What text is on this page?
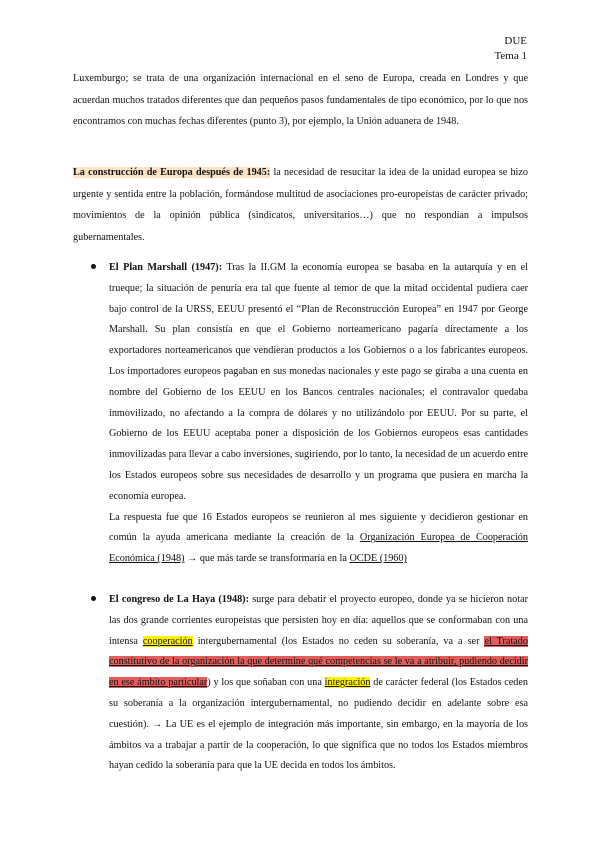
DUE
Tema 1

Luxemburgo; se trata de una organización internacional en el seno de Europa, creada en Londres y que acuerdan muchos tratados diferentes que dan pequeños pasos fundamentales de tipo económico, por lo que nos encontramos con muchas fechas diferentes (punto 3), por ejemplo, la Unión aduanera de 1948.

La construcción de Europa después de 1945: la necesidad de resucitar la idea de la unidad europea se hizo urgente y sentida entre la población, formándose multitud de asociaciones pro-europeístas de carácter privado; movimientos de la opinión pública (sindicatos, universitarios…) que no respondían a impulsos gubernamentales.

El Plan Marshall (1947): Tras la II.GM la economía europea se basaba en la autarquía y en el trueque; la situación de penuria era tal que fuente al temor de que la mitad occidental pudiera caer bajo control de la URSS, EEUU presentó el “Plan de Reconstrucción Europea” en 1947 por George Marshall. Su plan consistía en que el Gobierno norteamericano pagaría directamente a los exportadores norteamericanos que vendieran productos a los Gobiernos o a los fabricantes europeos. Los importadores europeos pagaban en sus monedas nacionales y este pago se giraba a una cuenta en nombre del Gobierno de los EEUU en los Bancos centrales nacionales; el contravalor quedaba inmovilizado, no afectando a la compra de dólares y no utilizándolo por EEUU. Por su parte, el Gobierno de los EEUU aceptaba poner a disposición de los Gobiernos europeos esas cantidades inmovilizadas para llevar a cabo inversiones, sugiriendo, por lo tanto, la necesidad de un acuerdo entre los Estados europeos sobre sus necesidades de desarrollo y un programa que pusiera en marcha la economía europea.
La respuesta fue que 16 Estados europeos se reunieron al mes siguiente y decidieron gestionar en común la ayuda americana mediante la creación de la Organización Europea de Cooperación Económica (1948) → que más tarde se transformaría en la OCDE (1960)
El congreso de La Haya (1948): surge para debatir el proyecto europeo, donde ya se hicieron notar las dos grande corrientes europeístas que persisten hoy en día: aquellos que se conformaban con una intensa cooperación intergubernamental (los Estados no ceden su soberanía, va a ser el Tratado constitutivo de la organización la que determine qué competencias se le va a atribuir, pudiendo decidir en ese ámbito particular) y los que soñaban con una integración de carácter federal (los Estados ceden su soberanía a la organización intergubernamental, no pudiendo decidir en adelante sobre esa cuestión). → La UE es el ejemplo de integración más importante, sin embargo, en la mayoría de los ámbitos va a trabajar a partir de la cooperación, lo que significa que no todos los Estados miembros hayan cedido la soberanía para que la UE decida en todos los ámbitos.
